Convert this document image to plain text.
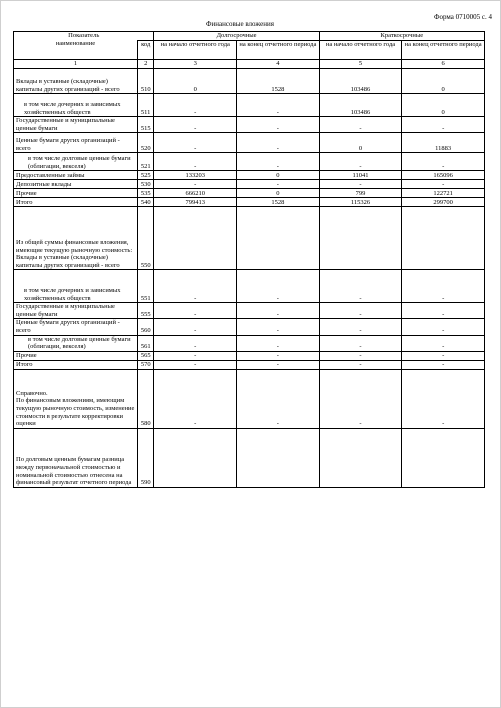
Форма 0710005 с. 4
Финансовые вложения
Показатель		Долгосрочные		Краткосрочные	
наименование	код	на начало отчетного года	на конец отчетного периода	на начало отчетного года	на конец отчетного периода
1	2	3	4	5	6
Вклады в уставные (складочные) капиталы других организаций - всего	510	0	1528	103486	0
в том числе дочерних и зависимых хозяйственных обществ	511	-	-	103486	0
Государственные и муниципальные ценные бумаги	515	-	-	-	-
Ценные бумаги других организаций - всего	520	-	-	0	11883
в том числе долговые ценные бумаги (облигации, векселя)	521	-	-	-	-
Предоставленные займы	525	133203	0	11041	165096
Депозитные вклады	530	-	-	-	-
Прочие	535	666210	0	799	122721
Итого	540	799413	1528	115326	299700

Из общей суммы финансовые вложения, имеющие текущую рыночную стоимость:
Вклады в уставные (складочные) капиталы других организаций - всего	550				
в том числе дочерних и зависимых хозяйственных обществ	551	-	-	-	-
Государственные и муниципальные ценные бумаги	555	-	-	-	-
Ценные бумаги других организаций - всего	560	-	-	-	-
в том числе долговые ценные бумаги (облигации, векселя)	561	-	-	-	-
Прочие	565	-	-	-	-
Итого	570	-	-	-	-

Справочно.
По финансовым вложениям, имеющим текущую рыночную стоимость, изменение стоимости в результате корректировки оценки	580	-	-	-	-
По долговым ценным бумагам разница между первоначальной стоимостью и номинальной стоимостью отнесена на финансовый результат отчетного периода	590				
